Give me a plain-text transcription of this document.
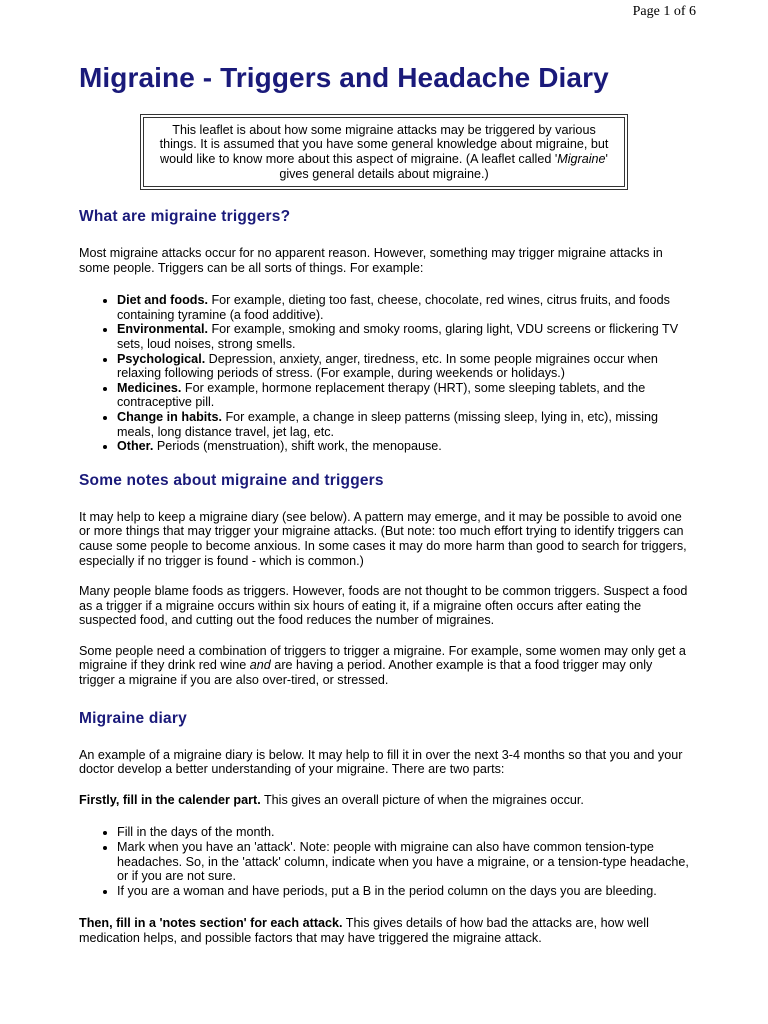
Page 1 of 6
Migraine - Triggers and Headache Diary
This leaflet is about how some migraine attacks may be triggered by various things. It is assumed that you have some general knowledge about migraine, but would like to know more about this aspect of migraine. (A leaflet called 'Migraine' gives general details about migraine.)
What are migraine triggers?

Most migraine attacks occur for no apparent reason. However, something may trigger migraine attacks in some people. Triggers can be all sorts of things. For example:

• Diet and foods. For example, dieting too fast, cheese, chocolate, red wines, citrus fruits, and foods containing tyramine (a food additive).
• Environmental. For example, smoking and smoky rooms, glaring light, VDU screens or flickering TV sets, loud noises, strong smells.
• Psychological. Depression, anxiety, anger, tiredness, etc. In some people migraines occur when relaxing following periods of stress. (For example, during weekends or holidays.)
• Medicines. For example, hormone replacement therapy (HRT), some sleeping tablets, and the contraceptive pill.
• Change in habits. For example, a change in sleep patterns (missing sleep, lying in, etc), missing meals, long distance travel, jet lag, etc.
• Other. Periods (menstruation), shift work, the menopause.
Some notes about migraine and triggers

It may help to keep a migraine diary (see below). A pattern may emerge, and it may be possible to avoid one or more things that may trigger your migraine attacks. (But note: too much effort trying to identify triggers can cause some people to become anxious. In some cases it may do more harm than good to search for triggers, especially if no trigger is found - which is common.)

Many people blame foods as triggers. However, foods are not thought to be common triggers. Suspect a food as a trigger if a migraine occurs within six hours of eating it, if a migraine often occurs after eating the suspected food, and cutting out the food reduces the number of migraines.

Some people need a combination of triggers to trigger a migraine. For example, some women may only get a migraine if they drink red wine and are having a period. Another example is that a food trigger may only trigger a migraine if you are also over-tired, or stressed.

Migraine diary

An example of a migraine diary is below. It may help to fill it in over the next 3-4 months so that you and your doctor develop a better understanding of your migraine. There are two parts:

Firstly, fill in the calender part. This gives an overall picture of when the migraines occur.

• Fill in the days of the month.
• Mark when you have an 'attack'. Note: people with migraine can also have common tension-type headaches. So, in the 'attack' column, indicate when you have a migraine, or a tension-type headache, or if you are not sure.
• If you are a woman and have periods, put a B in the period column on the days you are bleeding.

Then, fill in a 'notes section' for each attack. This gives details of how bad the attacks are, how well medication helps, and possible factors that may have triggered the migraine attack.
